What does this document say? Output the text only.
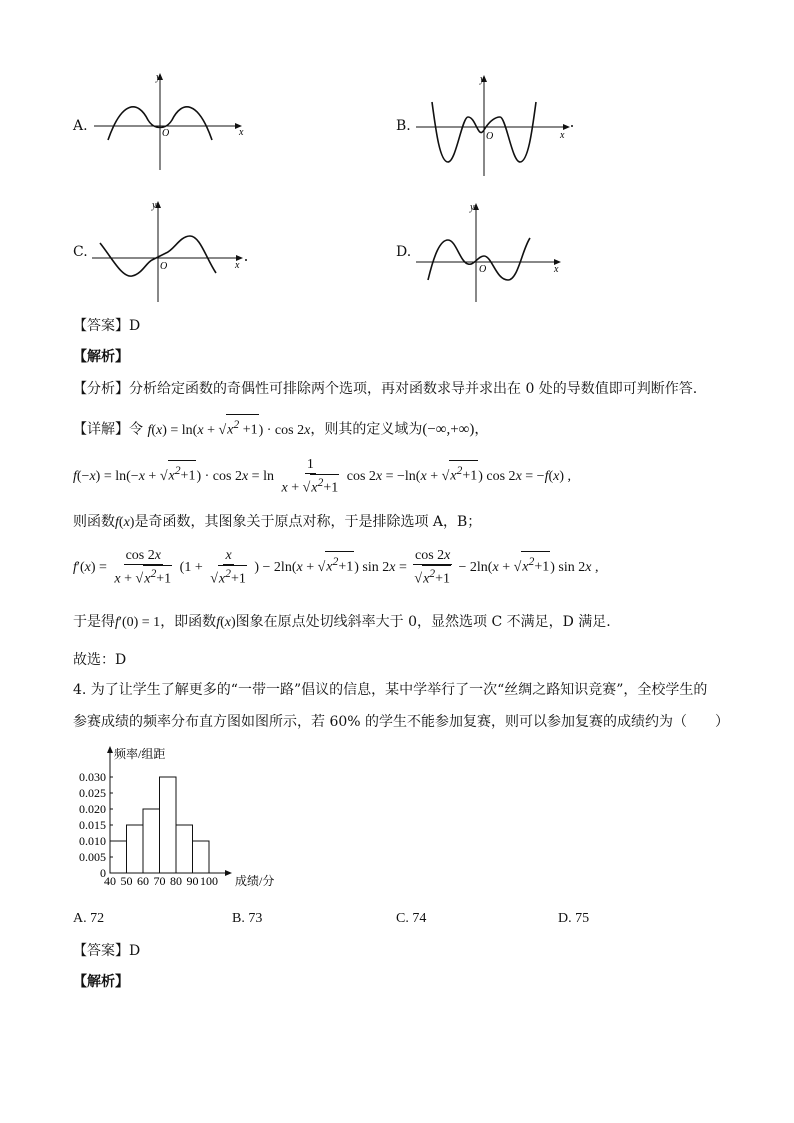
A.
y
x
O	B.
y
x
O
C.
y
x
O
D.
y
x
O
【答案】D
【解析】
【分析】分析给定函数的奇偶性可排除两个选项，再对函数求导并求出在 0 处的导数值即可判断作答.
【详解】令 $f(x) = \ln(x + √x^2 +1) \cdot \cos 2x$，则其的定义域为(−∞,+∞)，
$f(-x) = \ln(-x + √x^2+1) \cdot \cos 2x = \ln \frac{1}{x + √x^2+1}$ $\cos 2x = -\ln(x + √x^2+1)$ cos 2x = −f(x) ,
则函数f(x)是奇函数，其图象关于原点对称，于是排除选项 A，B；
$f'(x) = \frac{\cos 2x}{x + √x^2+1} (1 + \frac{x}{√x^2+1}$ ) − $2\ln(x + √x^2+1)$ $\sin 2x = \frac{\cos 2x}{√x^2+1} - 2\ln(x + √x^2+1)$ sin 2x ,
于是得f′(0) = 1，即函数f(x)图象在原点处切线斜率大于 0，显然选项 C 不满足，D 满足.
故选：D
4. 为了让学生了解更多的“一带一路”倡议的信息，某中学举行了一次“丝绸之路知识竞赛”，全校学生的
参赛成绩的频率分布直方图如图所示，若 60% 的学生不能参加复赛，则可以参加复赛的成绩约为（　　）
频率/组距
成绩/分
0.030
0.025
0.020
0.015
0.010
0.005
0
40 50 60 70 80 90 100
A. 72	B. 73	C. 74	D. 75
【答案】D
【解析】
